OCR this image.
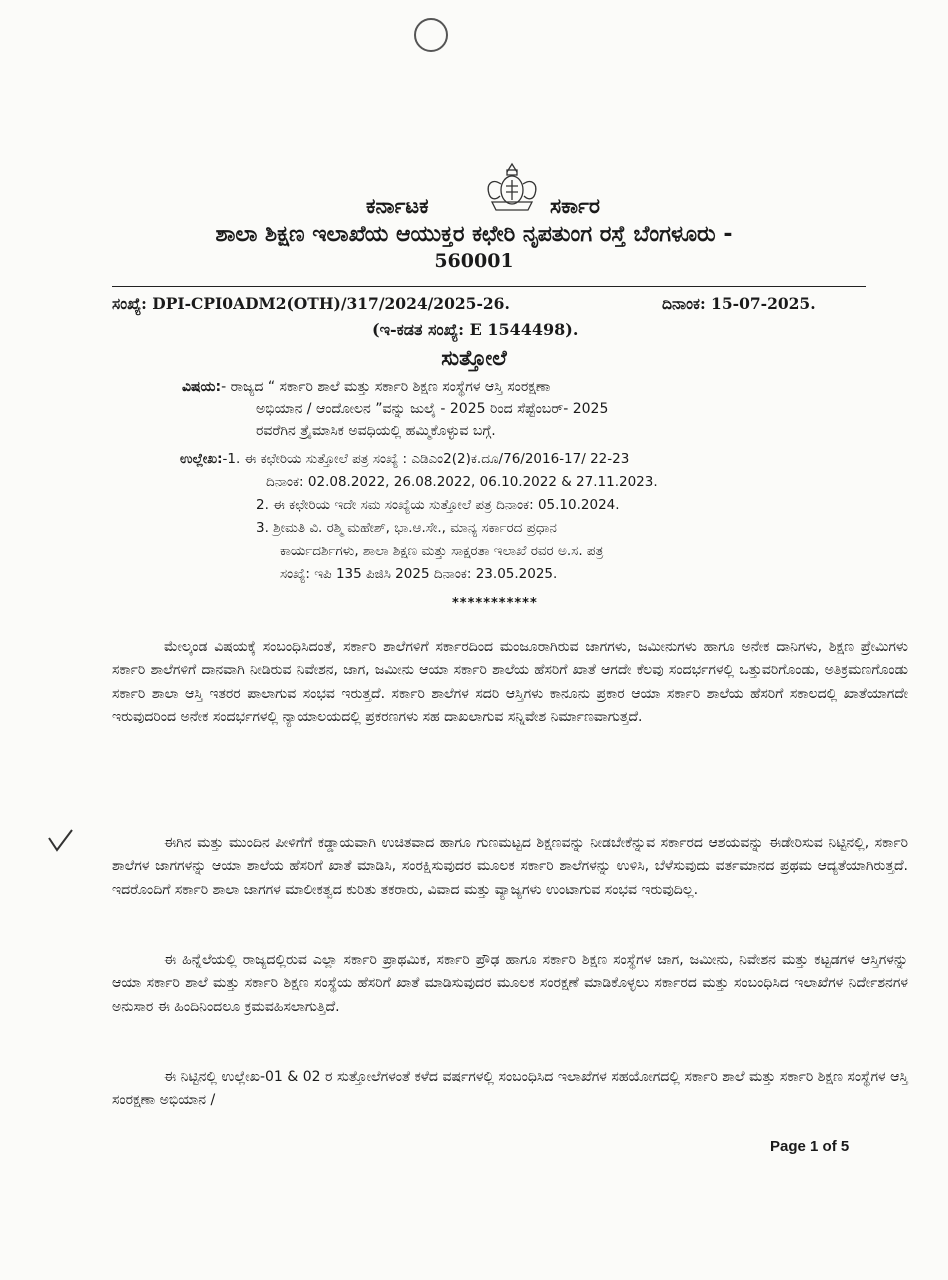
ಕರ್ನಾಟಕ	ಸರ್ಕಾರ
ಶಾಲಾ ಶಿಕ್ಷಣ ಇಲಾಖೆಯ ಆಯುಕ್ತರ ಕಛೇರಿ ನೃಪತುಂಗ ರಸ್ತೆ ಬೆಂಗಳೂರು -
560001
ಸಂಖ್ಯೆ: DPI-CPI0ADM2(OTH)/317/2024/2025-26.	ದಿನಾಂಕ: 15-07-2025.
(ಇ-ಕಡತ ಸಂಖ್ಯೆ: E 1544498).
ಸುತ್ತೋಲೆ
ವಿಷಯ:- ರಾಜ್ಯದ “ ಸರ್ಕಾರಿ ಶಾಲೆ ಮತ್ತು ಸರ್ಕಾರಿ ಶಿಕ್ಷಣ ಸಂಸ್ಥೆಗಳ ಆಸ್ತಿ ಸಂರಕ್ಷಣಾ
ಅಭಿಯಾನ / ಆಂದೋಲನ ”ವನ್ನು ಜುಲೈ - 2025 ರಿಂದ ಸೆಪ್ಟೆಂಬರ್- 2025
ರವರೆಗಿನ ತ್ರೈಮಾಸಿಕ ಅವಧಿಯಲ್ಲಿ ಹಮ್ಮಿಕೊಳ್ಳುವ ಬಗ್ಗೆ.
ಉಲ್ಲೇಖ:-1. ಈ ಕಛೇರಿಯ ಸುತ್ತೋಲೆ ಪತ್ರ ಸಂಖ್ಯೆ : ಎಡಿಎಂ2(2)ಕ.ದೂ/76/2016-17/ 22-23
ದಿನಾಂಕ: 02.08.2022, 26.08.2022, 06.10.2022 & 27.11.2023.
2. ಈ ಕಛೇರಿಯ ಇದೇ ಸಮ ಸಂಖ್ಯೆಯ ಸುತ್ತೋಲೆ ಪತ್ರ ದಿನಾಂಕ: 05.10.2024.
3. ಶ್ರೀಮತಿ ವಿ. ರಶ್ಮಿ ಮಹೇಶ್, ಭಾ.ಆ.ಸೇ., ಮಾನ್ಯ ಸರ್ಕಾರದ ಪ್ರಧಾನ
ಕಾರ್ಯದರ್ಶಿಗಳು, ಶಾಲಾ ಶಿಕ್ಷಣ ಮತ್ತು ಸಾಕ್ಷರತಾ ಇಲಾಖೆ ರವರ ಅ.ಸ. ಪತ್ರ
ಸಂಖ್ಯೆ: ಇಪಿ 135 ಪಿಜಿಸಿ 2025 ದಿನಾಂಕ: 23.05.2025.
***********

ಮೇಲ್ಕಂಡ ವಿಷಯಕ್ಕೆ ಸಂಬಂಧಿಸಿದಂತೆ, ಸರ್ಕಾರಿ ಶಾಲೆಗಳಿಗೆ ಸರ್ಕಾರದಿಂದ ಮಂಜೂರಾಗಿರುವ ಜಾಗಗಳು, ಜಮೀನುಗಳು ಹಾಗೂ ಅನೇಕ ದಾನಿಗಳು, ಶಿಕ್ಷಣ ಪ್ರೇಮಿಗಳು ಸರ್ಕಾರಿ ಶಾಲೆಗಳಿಗೆ ದಾನವಾಗಿ ನೀಡಿರುವ ನಿವೇಶನ, ಜಾಗ, ಜಮೀನು ಆಯಾ ಸರ್ಕಾರಿ ಶಾಲೆಯ ಹೆಸರಿಗೆ ಖಾತೆ ಆಗದೇ ಕೆಲವು ಸಂದರ್ಭಗಳಲ್ಲಿ ಒತ್ತುವರಿಗೊಂಡು, ಅತಿಕ್ರಮಣಗೊಂಡು ಸರ್ಕಾರಿ ಶಾಲಾ ಆಸ್ತಿ ಇತರರ ಪಾಲಾಗುವ ಸಂಭವ ಇರುತ್ತದೆ. ಸರ್ಕಾರಿ ಶಾಲೆಗಳ ಸದರಿ ಆಸ್ತಿಗಳು ಕಾನೂನು ಪ್ರಕಾರ ಆಯಾ ಸರ್ಕಾರಿ ಶಾಲೆಯ ಹೆಸರಿಗೆ ಸಕಾಲದಲ್ಲಿ ಖಾತೆಯಾಗದೇ ಇರುವುದರಿಂದ ಅನೇಕ ಸಂದರ್ಭಗಳಲ್ಲಿ ನ್ಯಾಯಾಲಯದಲ್ಲಿ ಪ್ರಕರಣಗಳು ಸಹ ದಾಖಲಾಗುವ ಸನ್ನಿವೇಶ ನಿರ್ಮಾಣವಾಗುತ್ತದೆ.

ಈಗಿನ ಮತ್ತು ಮುಂದಿನ ಪೀಳಿಗೆಗೆ ಕಡ್ಡಾಯವಾಗಿ ಉಚಿತವಾದ ಹಾಗೂ ಗುಣಮಟ್ಟದ ಶಿಕ್ಷಣವನ್ನು ನೀಡಬೇಕೆನ್ನುವ ಸರ್ಕಾರದ ಆಶಯವನ್ನು ಈಡೇರಿಸುವ ನಿಟ್ಟಿನಲ್ಲಿ, ಸರ್ಕಾರಿ ಶಾಲೆಗಳ ಜಾಗಗಳನ್ನು ಆಯಾ ಶಾಲೆಯ ಹೆಸರಿಗೆ ಖಾತೆ ಮಾಡಿಸಿ, ಸಂರಕ್ಷಿಸುವುದರ ಮೂಲಕ ಸರ್ಕಾರಿ ಶಾಲೆಗಳನ್ನು ಉಳಿಸಿ, ಬೆಳೆಸುವುದು ವರ್ತಮಾನದ ಪ್ರಥಮ ಆದ್ಯತೆಯಾಗಿರುತ್ತದೆ. ಇದರೊಂದಿಗೆ ಸರ್ಕಾರಿ ಶಾಲಾ ಜಾಗಗಳ ಮಾಲೀಕತ್ವದ ಕುರಿತು ತಕರಾರು, ವಿವಾದ ಮತ್ತು ವ್ಯಾಜ್ಯಗಳು ಉಂಟಾಗುವ ಸಂಭವ ಇರುವುದಿಲ್ಲ.

ಈ ಹಿನ್ನೆಲೆಯಲ್ಲಿ ರಾಜ್ಯದಲ್ಲಿರುವ ಎಲ್ಲಾ ಸರ್ಕಾರಿ ಪ್ರಾಥಮಿಕ, ಸರ್ಕಾರಿ ಪ್ರೌಢ ಹಾಗೂ ಸರ್ಕಾರಿ ಶಿಕ್ಷಣ ಸಂಸ್ಥೆಗಳ ಜಾಗ, ಜಮೀನು, ನಿವೇಶನ ಮತ್ತು ಕಟ್ಟಡಗಳ ಆಸ್ತಿಗಳನ್ನು ಆಯಾ ಸರ್ಕಾರಿ ಶಾಲೆ ಮತ್ತು ಸರ್ಕಾರಿ ಶಿಕ್ಷಣ ಸಂಸ್ಥೆಯ ಹೆಸರಿಗೆ ಖಾತೆ ಮಾಡಿಸುವುದರ ಮೂಲಕ ಸಂರಕ್ಷಣೆ ಮಾಡಿಕೊಳ್ಳಲು ಸರ್ಕಾರದ ಮತ್ತು ಸಂಬಂಧಿಸಿದ ಇಲಾಖೆಗಳ ನಿರ್ದೇಶನಗಳ ಅನುಸಾರ ಈ ಹಿಂದಿನಿಂದಲೂ ಕ್ರಮವಹಿಸಲಾಗುತ್ತಿದೆ.

ಈ ನಿಟ್ಟಿನಲ್ಲಿ ಉಲ್ಲೇಖ-01 & 02 ರ ಸುತ್ತೋಲೆಗಳಂತೆ ಕಳೆದ ವರ್ಷಗಳಲ್ಲಿ ಸಂಬಂಧಿಸಿದ ಇಲಾಖೆಗಳ ಸಹಯೋಗದಲ್ಲಿ ಸರ್ಕಾರಿ ಶಾಲೆ ಮತ್ತು ಸರ್ಕಾರಿ ಶಿಕ್ಷಣ ಸಂಸ್ಥೆಗಳ ಆಸ್ತಿ ಸಂರಕ್ಷಣಾ ಅಭಿಯಾನ /

Page 1 of 5
